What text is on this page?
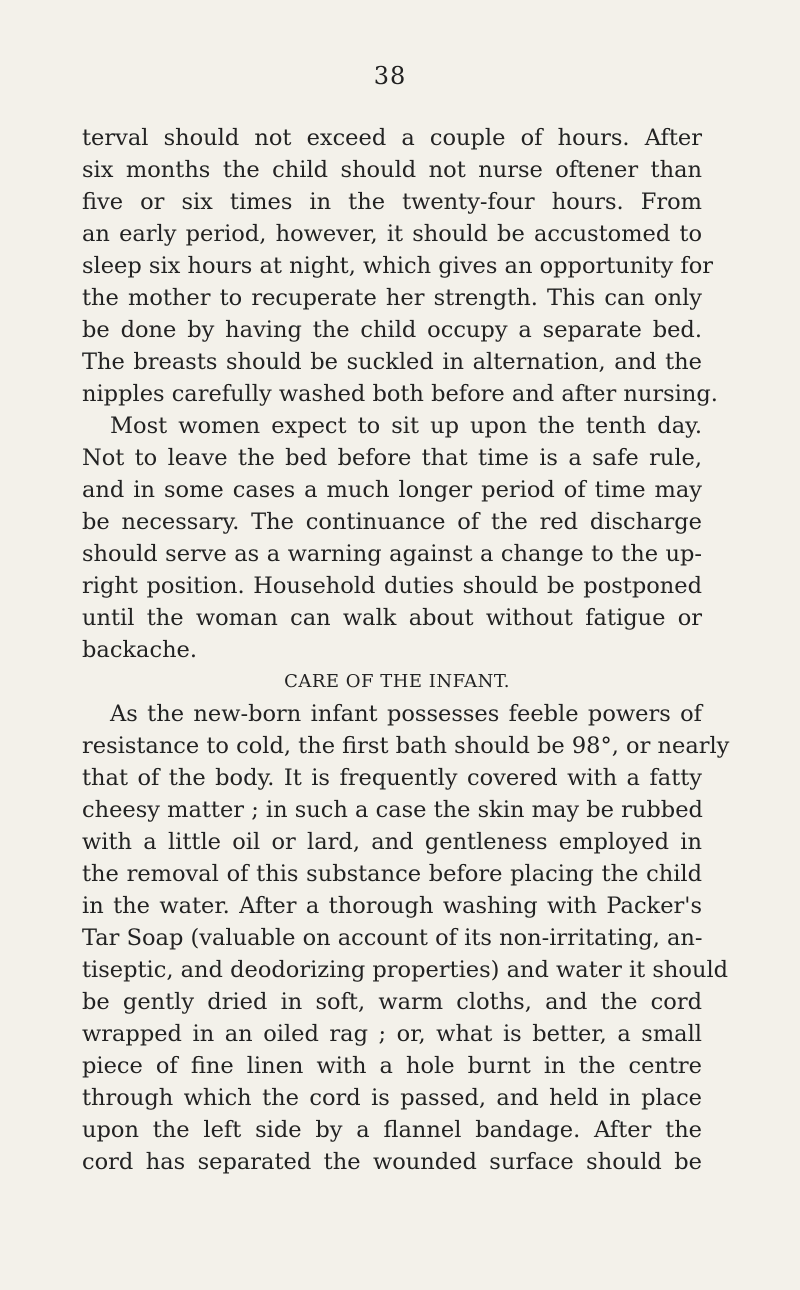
38
terval should not exceed a couple of hours. After
six months the child should not nurse oftener than
five or six times in the twenty-four hours. From
an early period, however, it should be accustomed to
sleep six hours at night, which gives an opportunity for
the mother to recuperate her strength. This can only
be done by having the child occupy a separate bed.
The breasts should be suckled in alternation, and the
nipples carefully washed both before and after nursing.
Most women expect to sit up upon the tenth day.
Not to leave the bed before that time is a safe rule,
and in some cases a much longer period of time may
be necessary. The continuance of the red discharge
should serve as a warning against a change to the up-
right position. Household duties should be postponed
until the woman can walk about without fatigue or
backache.
CARE OF THE INFANT.
As the new-born infant possesses feeble powers of
resistance to cold, the first bath should be 98°, or nearly
that of the body. It is frequently covered with a fatty
cheesy matter ; in such a case the skin may be rubbed
with a little oil or lard, and gentleness employed in
the removal of this substance before placing the child
in the water. After a thorough washing with Packer's
Tar Soap (valuable on account of its non-irritating, an-
tiseptic, and deodorizing properties) and water it should
be gently dried in soft, warm cloths, and the cord
wrapped in an oiled rag ; or, what is better, a small
piece of fine linen with a hole burnt in the centre
through which the cord is passed, and held in place
upon the left side by a flannel bandage. After the
cord has separated the wounded surface should be
